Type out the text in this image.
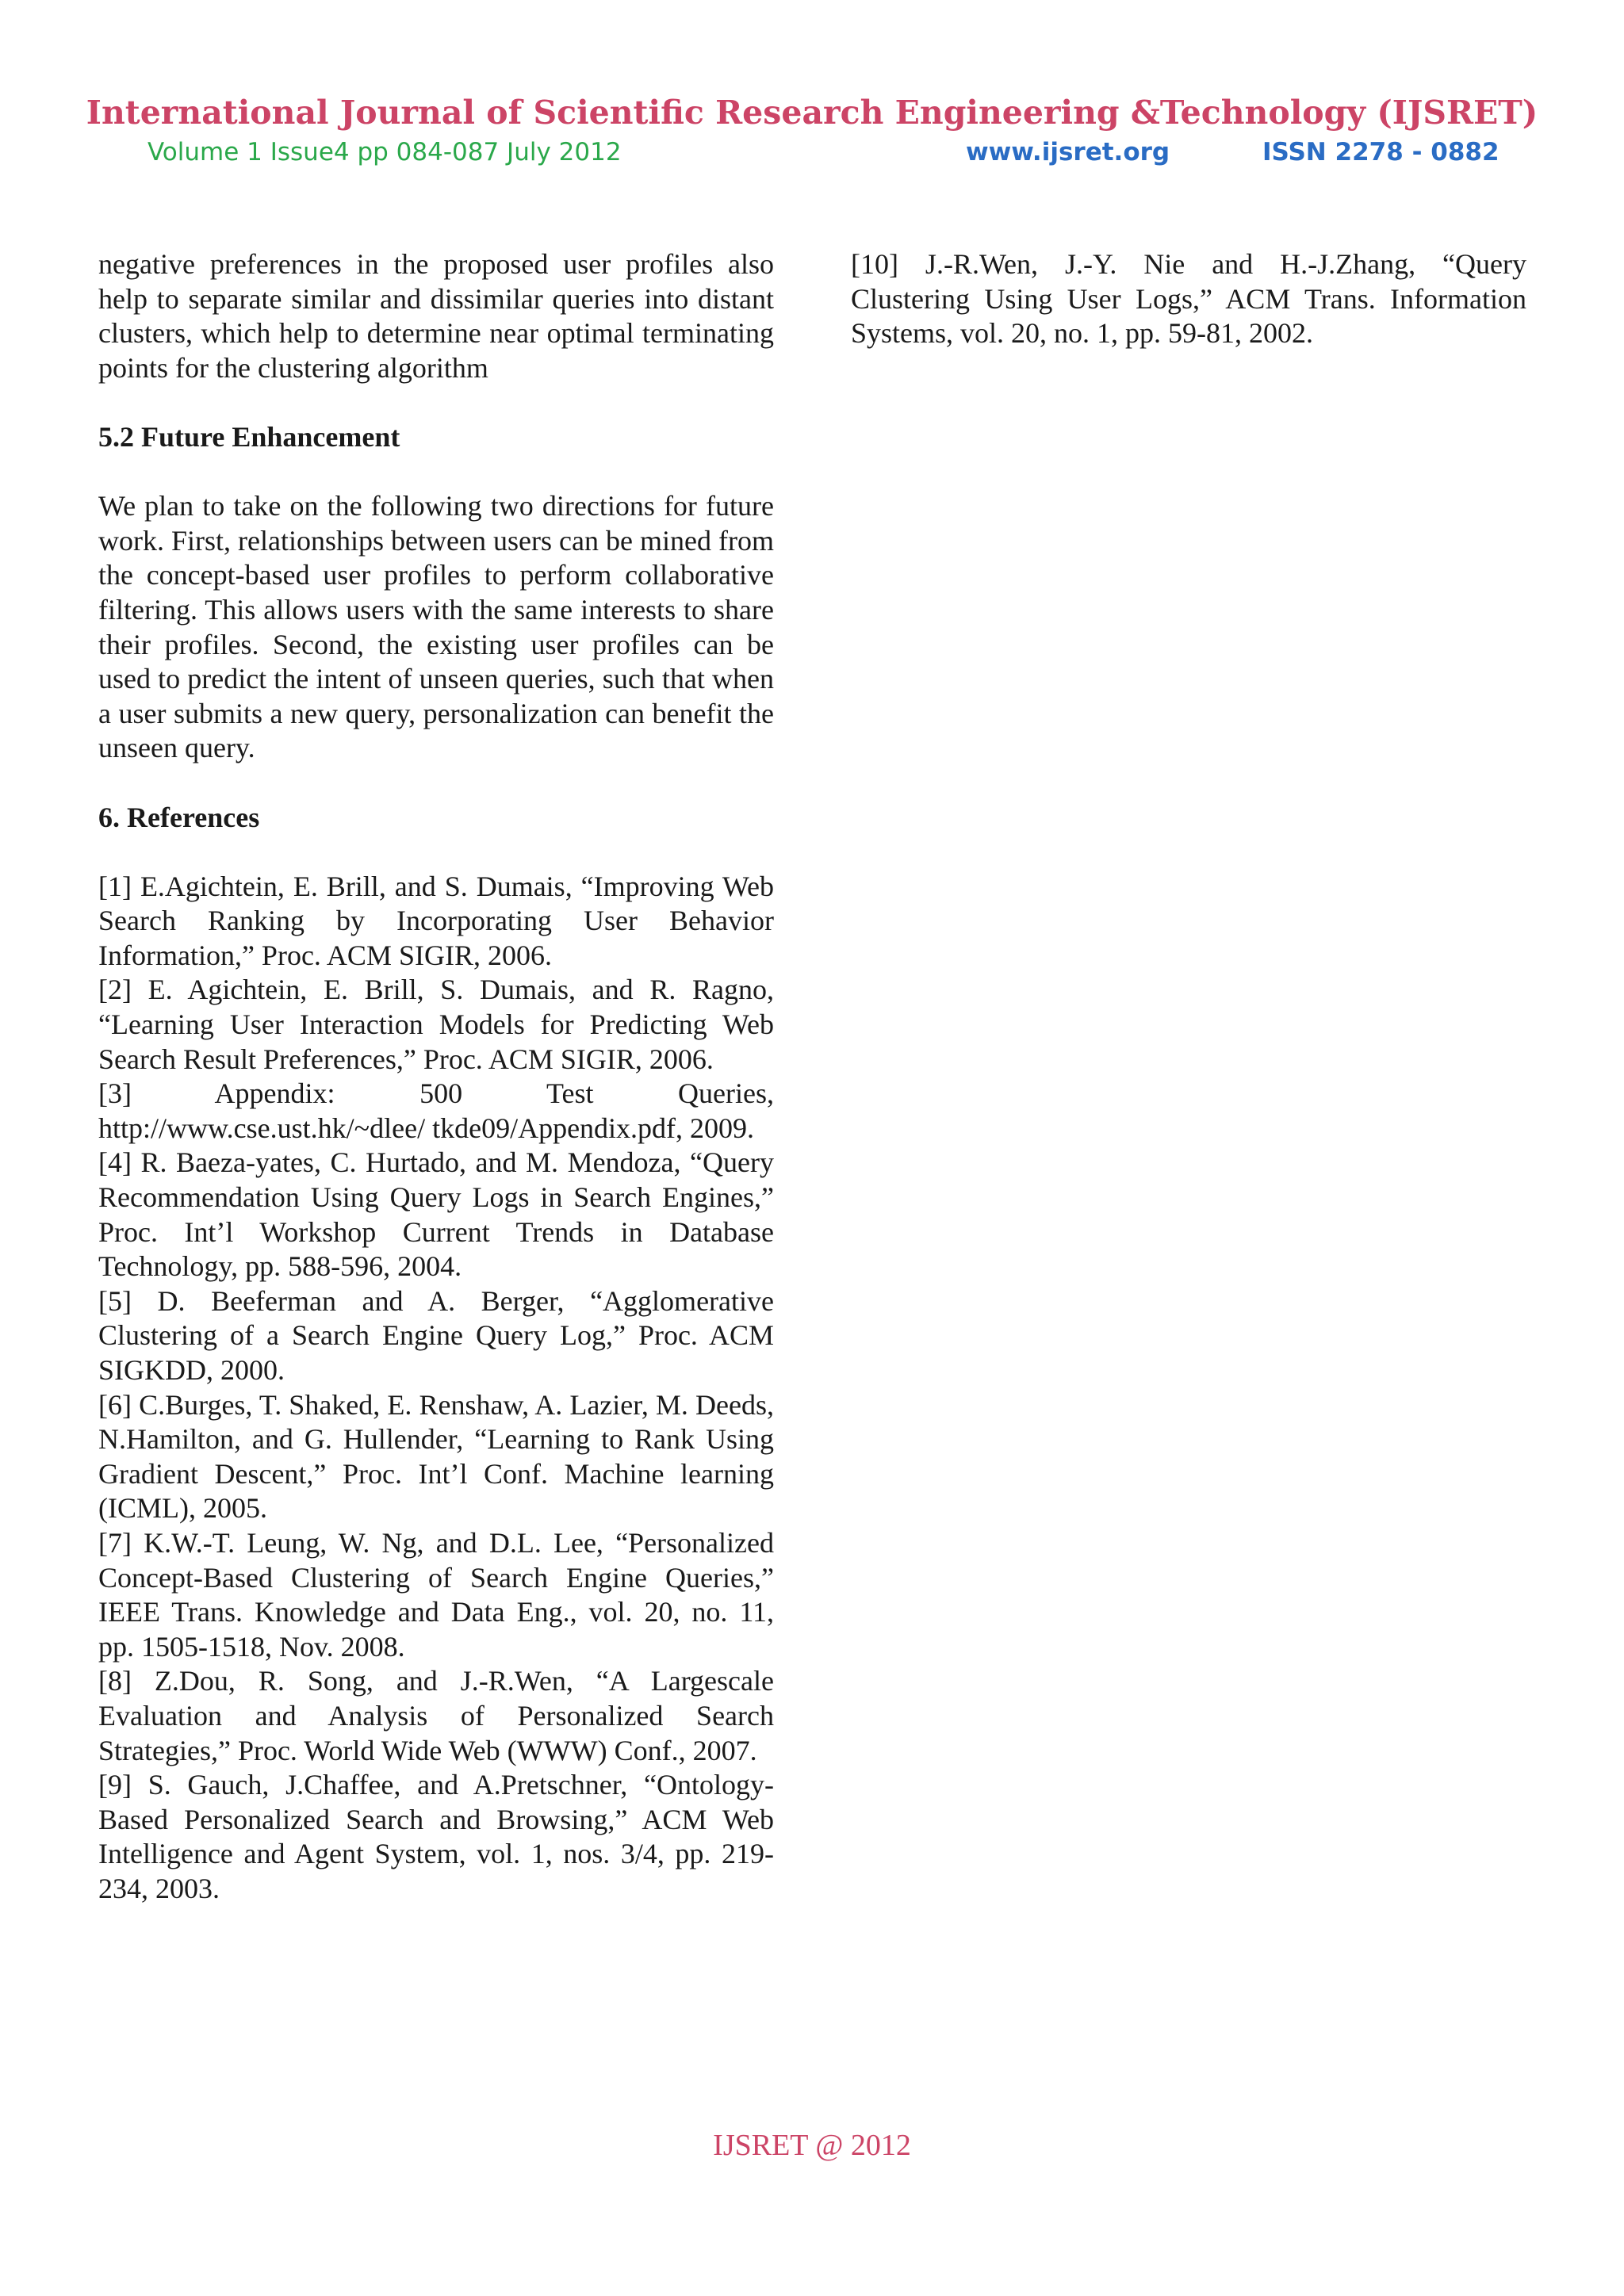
International Journal of Scientific Research Engineering &Technology (IJSRET)
Volume 1 Issue4 pp 084-087 July 2012	www.ijsret.org	ISSN 2278 - 0882

negative preferences in the proposed user profiles also help to separate similar and dissimilar queries into distant clusters, which help to determine near optimal terminating points for the clustering algorithm

5.2 Future Enhancement

We plan to take on the following two directions for future work. First, relationships between users can be mined from the concept-based user profiles to perform collaborative filtering. This allows users with the same interests to share their profiles. Second, the existing user profiles can be used to predict the intent of unseen queries, such that when a user submits a new query, personalization can benefit the unseen query.

6. References

[1] E.Agichtein, E. Brill, and S. Dumais, “Improving Web Search Ranking by Incorporating User Behavior Information,” Proc. ACM SIGIR, 2006.

[2] E. Agichtein, E. Brill, S. Dumais, and R. Ragno, “Learning User Interaction Models for Predicting Web Search Result Preferences,” Proc. ACM SIGIR, 2006.

[3] Appendix: 500 Test Queries, http://www.cse.ust.hk/~dlee/ tkde09/Appendix.pdf, 2009.

[4] R. Baeza-yates, C. Hurtado, and M. Mendoza, “Query Recommendation Using Query Logs in Search Engines,” Proc. Int’l Workshop Current Trends in Database Technology, pp. 588-596, 2004.

[5] D. Beeferman and A. Berger, “Agglomerative Clustering of a Search Engine Query Log,” Proc. ACM SIGKDD, 2000.

[6] C.Burges, T. Shaked, E. Renshaw, A. Lazier, M. Deeds, N.Hamilton, and G. Hullender, “Learning to Rank Using Gradient Descent,” Proc. Int’l Conf. Machine learning (ICML), 2005.

[7] K.W.-T. Leung, W. Ng, and D.L. Lee, “Personalized Concept-Based Clustering of Search Engine Queries,” IEEE Trans. Knowledge and Data Eng., vol. 20, no. 11, pp. 1505-1518, Nov. 2008.

[8] Z.Dou, R. Song, and J.-R.Wen, “A Largescale Evaluation and Analysis of Personalized Search Strategies,” Proc. World Wide Web (WWW) Conf., 2007.

[9] S. Gauch, J.Chaffee, and A.Pretschner, “Ontology-Based Personalized Search and Browsing,” ACM Web Intelligence and Agent System, vol. 1, nos. 3/4, pp. 219-234, 2003.

[10] J.-R.Wen, J.-Y. Nie and H.-J.Zhang, “Query Clustering Using User Logs,” ACM Trans. Information Systems, vol. 20, no. 1, pp. 59-81, 2002.

IJSRET @ 2012
